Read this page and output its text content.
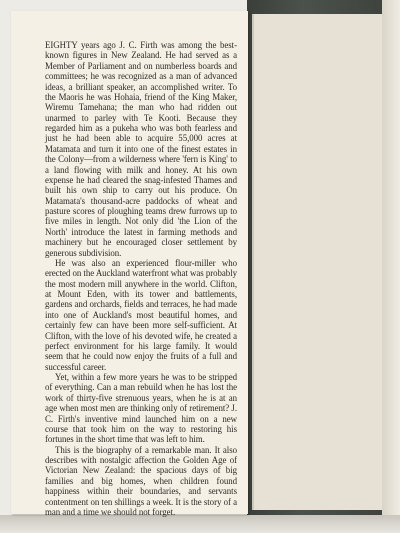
EIGHTY years ago J. C. Firth was among the best-known figures in New Zealand. He had served as a Member of Parliament and on numberless boards and committees; he was recognized as a man of advanced ideas, a brilliant speaker, an accomplished writer. To the Maoris he was Hohaia, friend of the King Maker, Wiremu Tamehana; the man who had ridden out unarmed to parley with Te Kooti. Because they regarded him as a pukeha who was both fearless and just he had been able to acquire 55,000 acres at Matamata and turn it into one of the finest estates in the Colony—from a wilderness where 'fern is King' to a land flowing with milk and honey. At his own expense he had cleared the snag-infested Thames and built his own ship to carry out his produce. On Matamata's thousand-acre paddocks of wheat and pasture scores of ploughing teams drew furrows up to five miles in length. Not only did 'the Lion of the North' introduce the latest in farming methods and machinery but he encouraged closer settlement by generous subdivision.

He was also an experienced flour-miller who erected on the Auckland waterfront what was probably the most modern mill anywhere in the world. Clifton, at Mount Eden, with its tower and battlements, gardens and orchards, fields and terraces, he had made into one of Auckland's most beautiful homes, and certainly few can have been more self-sufficient. At Clifton, with the love of his devoted wife, he created a perfect environment for his large family. It would seem that he could now enjoy the fruits of a full and successful career.

Yet, within a few more years he was to be stripped of everything. Can a man rebuild when he has lost the work of thirty-five strenuous years, when he is at an age when most men are thinking only of retirement? J. C. Firth's inventive mind launched him on a new course that took him on the way to restoring his fortunes in the short time that was left to him.

This is the biography of a remarkable man. It also describes with nostalgic affection the Golden Age of Victorian New Zealand: the spacious days of big families and big homes, when children found happiness within their boundaries, and servants contentment on ten shillings a week. It is the story of a man and a time we should not forget.
